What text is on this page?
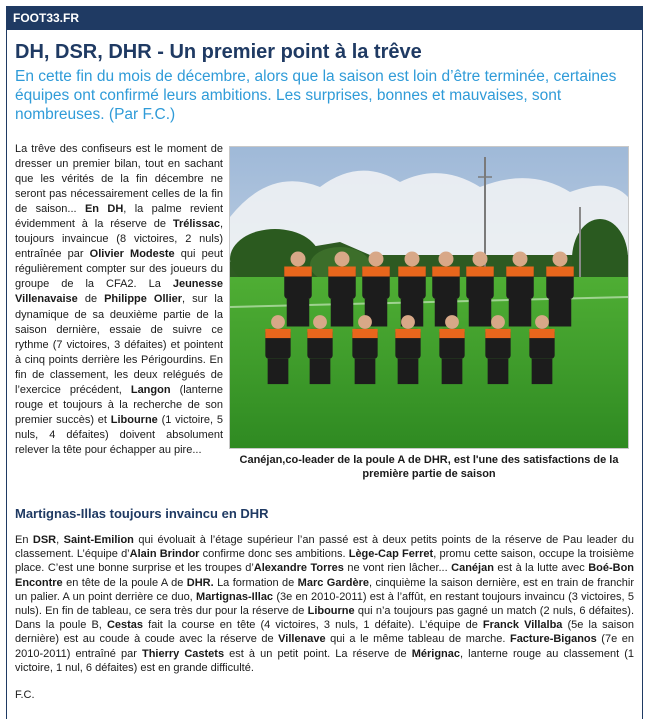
FOOT33.FR
DH, DSR, DHR - Un premier point à la trêve
En cette fin du mois de décembre, alors que la saison est loin d’être terminée, certaines équipes ont confirmé leurs ambitions. Les surprises, bonnes et mauvaises, sont nombreuses. (Par F.C.)
La trêve des confiseurs est le moment de dresser un premier bilan, tout en sachant que les vérités de la fin décembre ne seront pas nécessairement celles de la fin de saison... En DH, la palme revient évidemment à la réserve de Trélissac, toujours invaincue (8 victoires, 2 nuls) entraînée par Olivier Modeste qui peut régulièrement compter sur des joueurs du groupe de la CFA2. La Jeunesse Villenavaise de Philippe Ollier, sur la dynamique de sa deuxième partie de la saison dernière, essaie de suivre ce rythme (7 victoires, 3 défaites) et pointent à cinq points derrière les Périgourdins. En fin de classement, les deux relégués de l’exercice précédent, Langon (lanterne rouge et toujours à la recherche de son premier succès) et Libourne (1 victoire, 5 nuls, 4 défaites) doivent absolument relever la tête pour échapper au pire...
Canéjan,co-leader de la poule A de DHR, est l'une des satisfactions de la première partie de saison
Martignas-Illas toujours invaincu en DHR
En DSR, Saint-Emilion qui évoluait à l’étage supérieur l’an passé est à deux petits points de la réserve de Pau leader du classement. L’équipe d’Alain Brindor confirme donc ses ambitions. Lège-Cap Ferret, promu cette saison, occupe la troisième place. C’est une bonne surprise et les troupes d’Alexandre Torres ne vont rien lâcher... Canéjan est à la lutte avec Boé-Bon Encontre en tête de la poule A de DHR. La formation de Marc Gardère, cinquième la saison dernière, est en train de franchir un palier. A un point derrière ce duo, Martignas-Illac (3e en 2010-2011) est à l’affût, en restant toujours invaincu (3 victoires, 5 nuls). En fin de tableau, ce sera très dur pour la réserve de Libourne qui n’a toujours pas gagné un match (2 nuls, 6 défaites). Dans la poule B, Cestas fait la course en tête (4 victoires, 3 nuls, 1 défaite). L’équipe de Franck Villalba (5e la saison dernière) est au coude à coude avec la réserve de Villenave qui a le même tableau de marche. Facture-Biganos (7e en 2010-2011) entraîné par Thierry Castets est à un petit point. La réserve de Mérignac, lanterne rouge au classement (1 victoire, 1 nul, 6 défaites) est en grande difficulté.
F.C.
